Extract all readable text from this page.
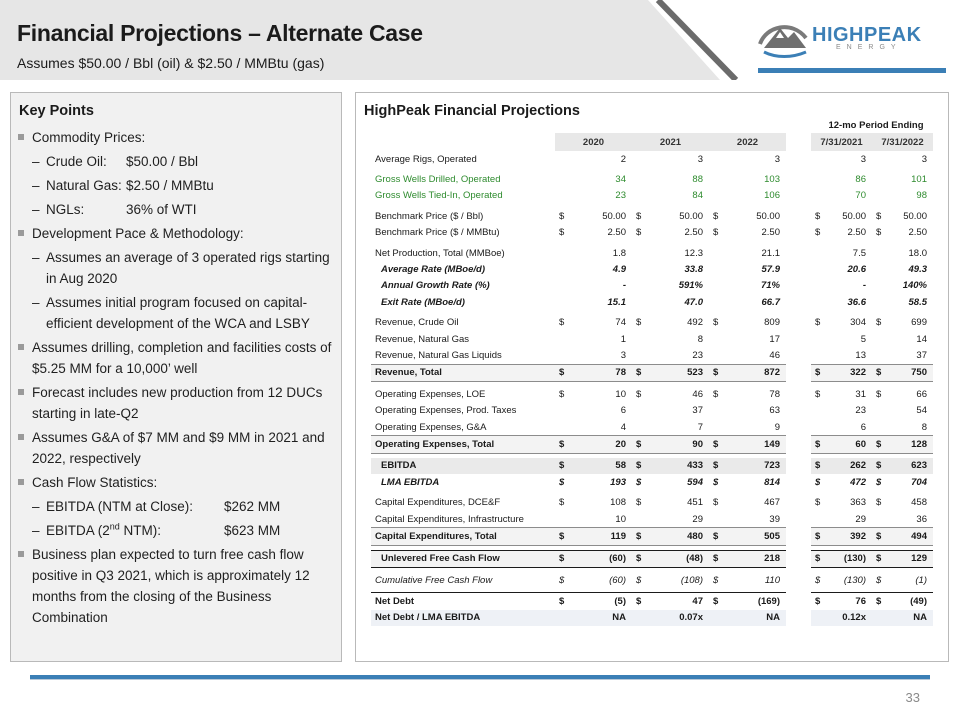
Financial Projections – Alternate Case
Assumes $50.00 / Bbl (oil) & $2.50 / MMBtu (gas)
HIGHPEAK
ENERGY
Key Points
Commodity Prices:
– Crude Oil: $50.00 / Bbl
– Natural Gas: $2.50 / MMBtu
– NGLs:	36% of WTI
Development Pace & Methodology:
– Assumes an average of 3 operated rigs starting in Aug 2020
– Assumes initial program focused on capital-efficient development of the WCA and LSBY
Assumes drilling, completion and facilities costs of $5.25 MM for a 10,000’ well
Forecast includes new production from 12 DUCs starting in late-Q2
Assumes G&A of $7 MM and $9 MM in 2021 and 2022, respectively
Cash Flow Statistics:
– EBITDA (NTM at Close): $262 MM
– EBITDA (2nd NTM):	$623 MM
Business plan expected to turn free cash flow positive in Q3 2021, which is approximately 12 months from the closing of the Business Combination
HighPeak Financial Projections
12-mo Period Ending
	2020	2021	2022		7/31/2021	7/31/2022
Average Rigs, Operated	2	3	3		3	3

Gross Wells Drilled, Operated	34	88	103		86	101

Gross Wells Tied-In, Operated	23	84	106		70	98

Benchmark Price ($ / Bbl)	$ 50.00	$ 50.00	$ 50.00		$ 50.00	$ 50.00

Benchmark Price ($ / MMBtu)	$ 2.50	$ 2.50	$ 2.50		$ 2.50	$ 2.50

Net Production, Total (MMBoe)	1.8	12.3	21.1		7.5	18.0

Average Rate (MBoe/d)	4.9	33.8	57.9		20.6	49.3

Annual Growth Rate (%)	-	591%	71%		-	140%

Exit Rate (MBoe/d)	15.1	47.0	66.7		36.6	58.5

Revenue, Crude Oil	$ 74	$ 492	$ 809		$ 304	$ 699

Revenue, Natural Gas	1	8	17		5	14

Revenue, Natural Gas Liquids	3	23	46		13	37

Revenue, Total	$ 78	$ 523	$ 872		$ 322	$ 750

Operating Expenses, LOE	$ 10	$ 46	$ 78		$ 31	$ 66

Operating Expenses, Prod. Taxes	6	37	63		23	54

Operating Expenses, G&A	4	7	9		6	8

Operating Expenses, Total	$ 20	$ 90	$ 149		$ 60	$ 128

EBITDA	$ 58	$ 433	$ 723		$ 262	$ 623

LMA EBITDA	$ 193	$ 594	$ 814		$ 472	$ 704

Capital Expenditures, DCE&F	$ 108	$ 451	$ 467		$ 363	$ 458

Capital Expenditures, Infrastructure	10	29	39		29	36

Capital Expenditures, Total	$ 119	$ 480	$ 505		$ 392	$ 494

Unlevered Free Cash Flow	$ (60)	$ (48)	$ 218		$ (130)	$ 129

Cumulative Free Cash Flow	$ (60)	$ (108)	$ 110		$ (130)	$ (1)

Net Debt	$ (5)	$ 47	$ (169)		$ 76	$ (49)

Net Debt / LMA EBITDA	NA	0.07x	NA		0.12x	NA
33
